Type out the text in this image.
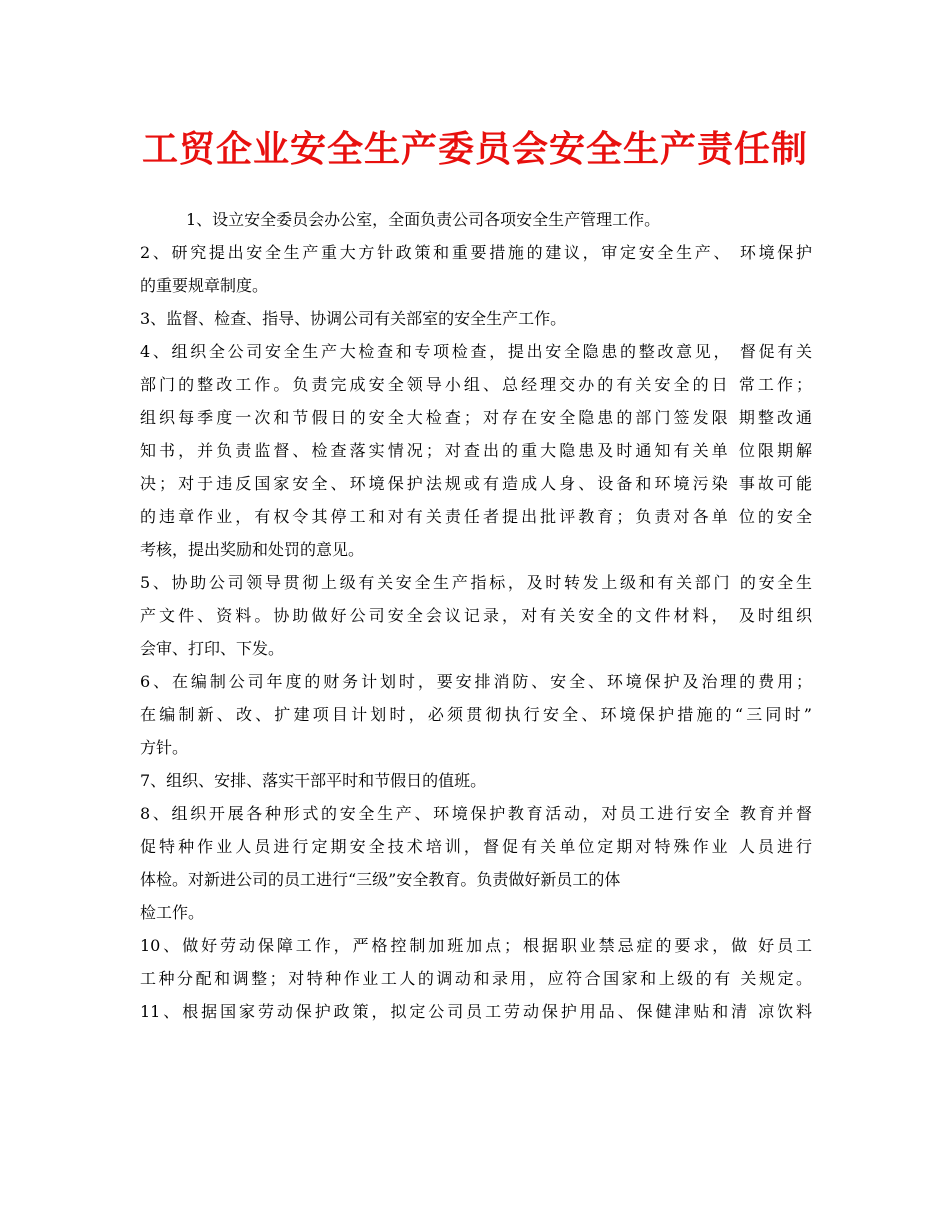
工贸企业安全生产委员会安全生产责任制
1、设立安全委员会办公室，全面负责公司各项安全生产管理工作。
2、研究提出安全生产重大方针政策和重要措施的建议，审定安全生产、 环境保护
的重要规章制度。
3、监督、检查、指导、协调公司有关部室的安全生产工作。
4、组织全公司安全生产大检查和专项检查，提出安全隐患的整改意见， 督促有关
部门的整改工作。负责完成安全领导小组、总经理交办的有关安全的日 常工作；
组织每季度一次和节假日的安全大检查；对存在安全隐患的部门签发限 期整改通
知书，并负责监督、检查落实情况；对查出的重大隐患及时通知有关单 位限期解
决；对于违反国家安全、环境保护法规或有造成人身、设备和环境污染 事故可能
的违章作业，有权令其停工和对有关责任者提出批评教育；负责对各单 位的安全
考核，提出奖励和处罚的意见。
5、协助公司领导贯彻上级有关安全生产指标，及时转发上级和有关部门 的安全生
产文件、资料。协助做好公司安全会议记录，对有关安全的文件材料， 及时组织
会审、打印、下发。
6、在编制公司年度的财务计划时，要安排消防、安全、环境保护及治理的费用；
在编制新、改、扩建项目计划时，必须贯彻执行安全、环境保护措施的“三同时”
方针。
7、组织、安排、落实干部平时和节假日的值班。
8、组织开展各种形式的安全生产、环境保护教育活动，对员工进行安全 教育并督
促特种作业人员进行定期安全技术培训，督促有关单位定期对特殊作业 人员进行
体检。对新进公司的员工进行“三级”安全教育。负责做好新员工的体
检工作。
10、做好劳动保障工作，严格控制加班加点；根据职业禁忌症的要求，做 好员工
工种分配和调整；对特种作业工人的调动和录用，应符合国家和上级的有 关规定。
11、根据国家劳动保护政策，拟定公司员工劳动保护用品、保健津贴和清 凉饮料
